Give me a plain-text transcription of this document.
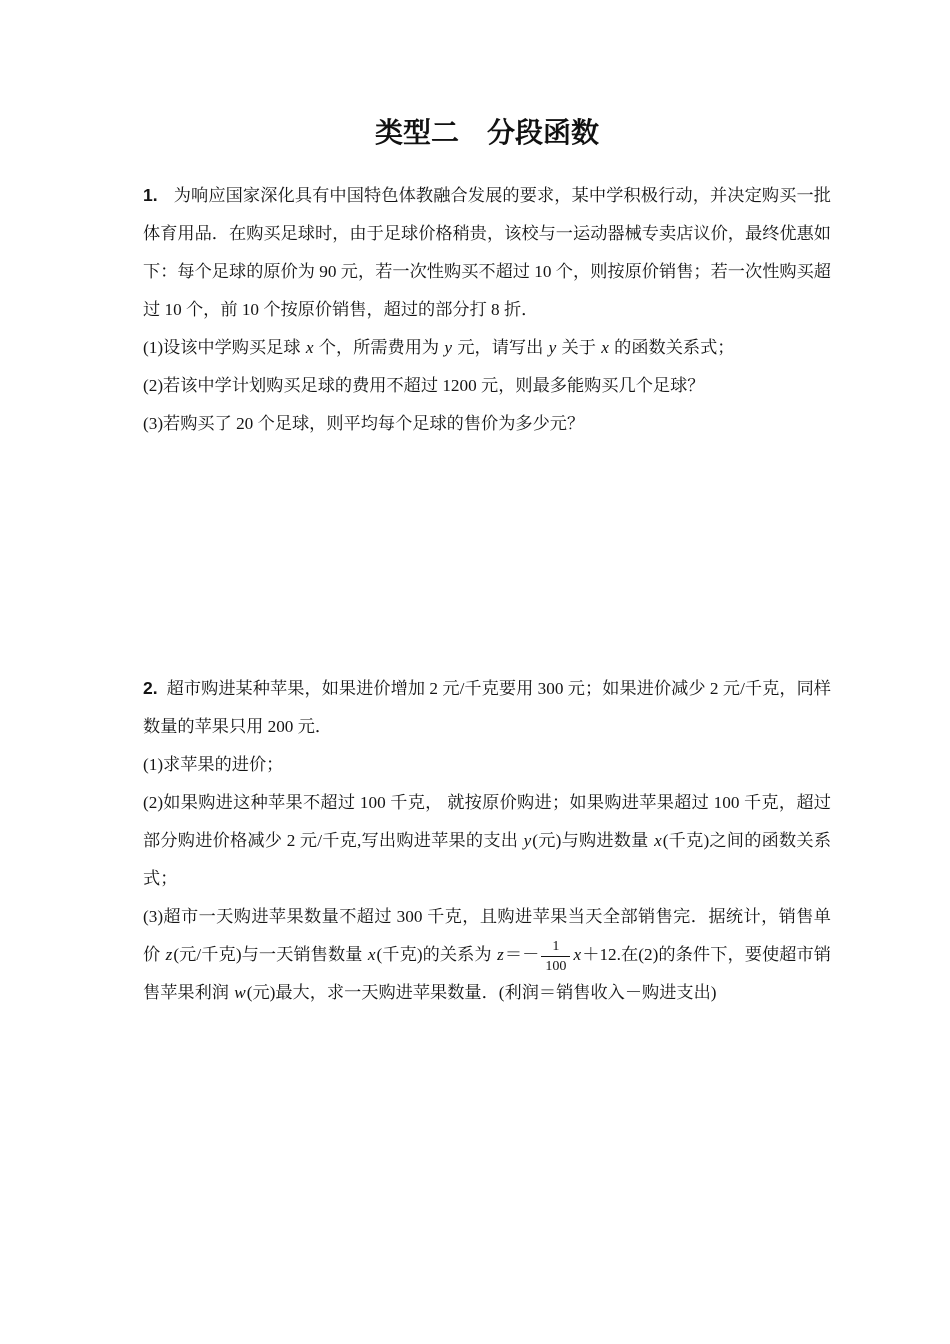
类型二　分段函数

1. 为响应国家深化具有中国特色体教融合发展的要求，某中学积极行动，并决定购买一批体育用品．在购买足球时，由于足球价格稍贵，该校与一运动器械专卖店议价，最终优惠如下：每个足球的原价为 90 元，若一次性购买不超过 10 个，则按原价销售；若一次性购买超过 10 个，前 10 个按原价销售，超过的部分打 8 折．

(1)设该中学购买足球 x 个，所需费用为 y 元，请写出 y 关于 x 的函数关系式；

(2)若该中学计划购买足球的费用不超过 1200 元，则最多能购买几个足球？

(3)若购买了 20 个足球，则平均每个足球的售价为多少元？

2. 超市购进某种苹果，如果进价增加 2 元/千克要用 300 元；如果进价减少 2 元/千克，同样数量的苹果只用 200 元．

(1)求苹果的进价；

(2)如果购进这种苹果不超过 100 千克， 就按原价购进；如果购进苹果超过 100 千克，超过部分购进价格减少 2 元/千克,写出购进苹果的支出 y(元)与购进数量 x(千克)之间的函数关系式；

(3)超市一天购进苹果数量不超过 300 千克，且购进苹果当天全部销售完．据统计，销售单价 z(元/千克)与一天销售数量 x(千克)的关系为 $z=- \frac{1}{100} x+12$.在(2)的条件下，要使超市销售苹果利润 w(元)最大，求一天购进苹果数量．(利润＝销售收入－购进支出)
